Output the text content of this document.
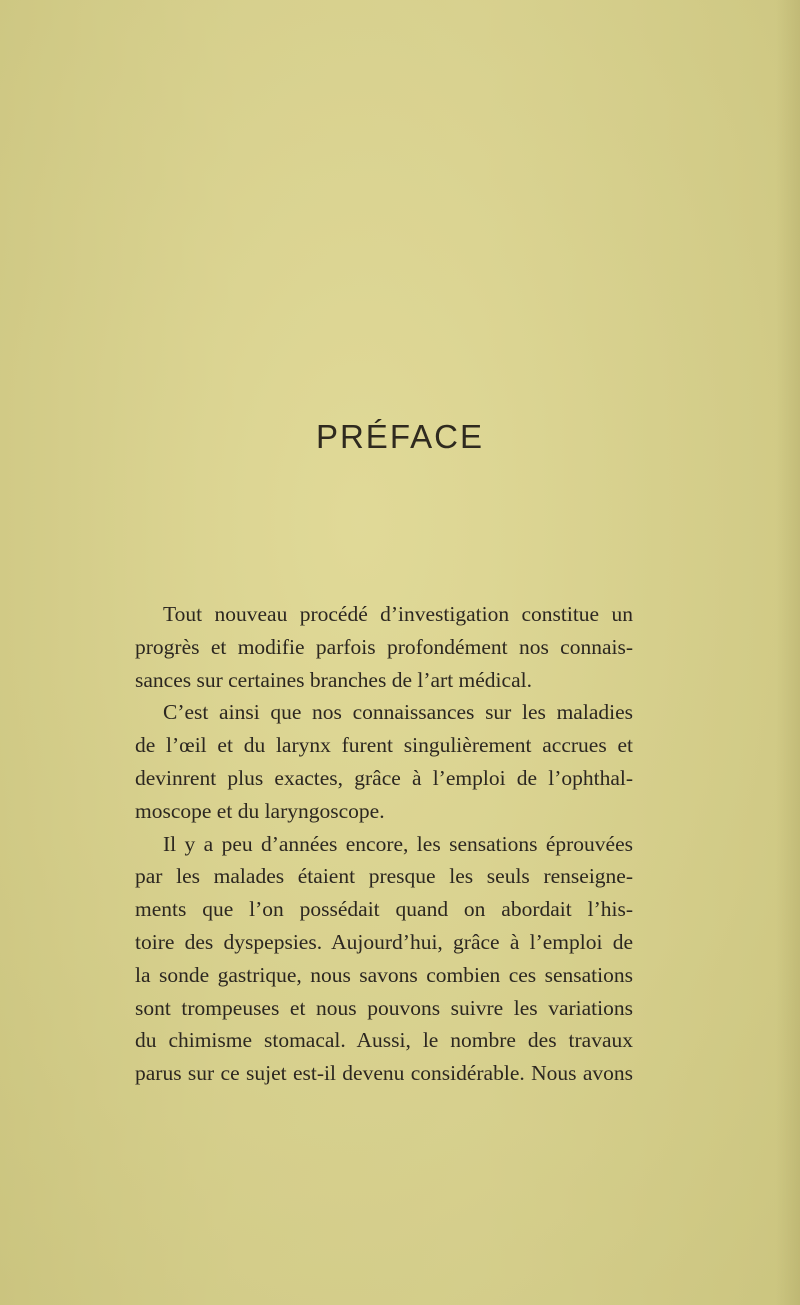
PRÉFACE
Tout nouveau procédé d’investigation constitue un
progrès et modifie parfois profondément nos connais-
sances sur certaines branches de l’art médical.
C’est ainsi que nos connaissances sur les maladies
de l’œil et du larynx furent singulièrement accrues et
devinrent plus exactes, grâce à l’emploi de l’ophthal-
moscope et du laryngoscope.
Il y a peu d’années encore, les sensations éprouvées
par les malades étaient presque les seuls renseigne-
ments que l’on possédait quand on abordait l’his-
toire des dyspepsies. Aujourd’hui, grâce à l’emploi de
la sonde gastrique, nous savons combien ces sensations
sont trompeuses et nous pouvons suivre les variations
du chimisme stomacal. Aussi, le nombre des travaux
parus sur ce sujet est-il devenu considérable. Nous avons
